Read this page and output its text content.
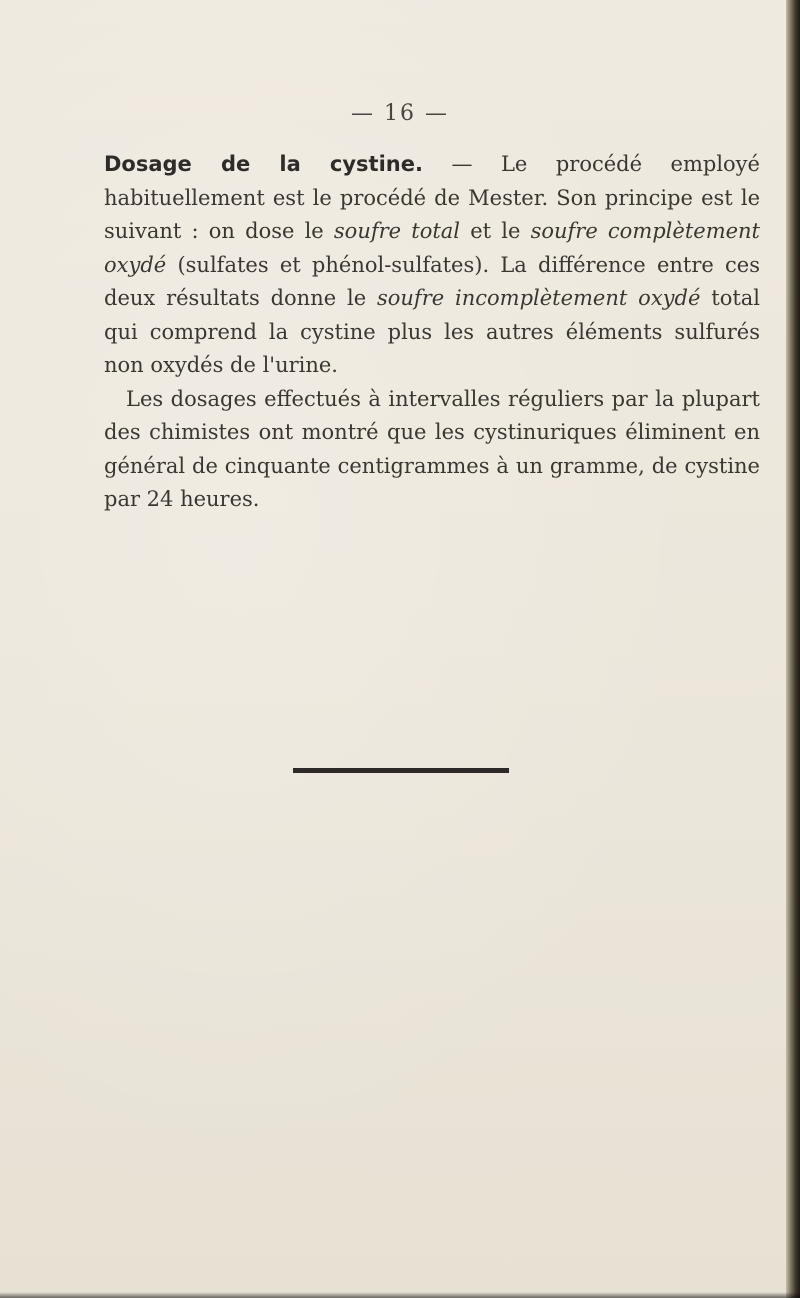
— 16 —

Dosage de la cystine. — Le procédé employé habituellement est le procédé de Mester. Son principe est le suivant : on dose le soufre total et le soufre complètement oxydé (sulfates et phénol-sulfates). La différence entre ces deux résultats donne le soufre incomplètement oxydé total qui comprend la cystine plus les autres éléments sulfurés non oxydés de l'urine.

Les dosages effectués à intervalles réguliers par la plupart des chimistes ont montré que les cystinuriques éliminent en général de cinquante centigrammes à un gramme, de cystine par 24 heures.
